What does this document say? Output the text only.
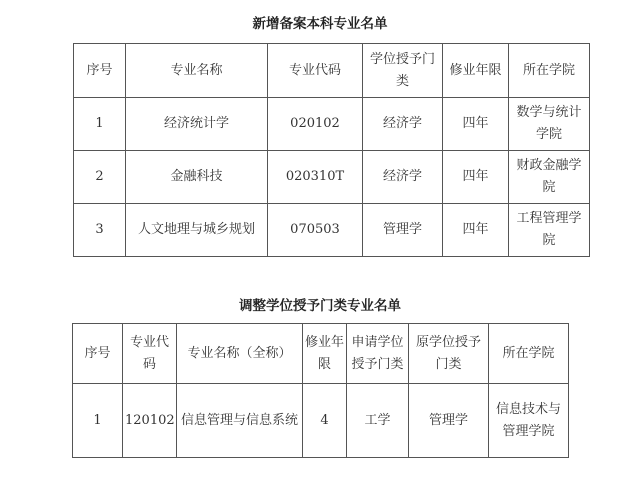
新增备案本科专业名单
序号	专业名称	专业代码	学位授予门类	修业年限	所在学院
1	经济统计学	020102	经济学	四年	数学与统计学院
2	金融科技	020310T	经济学	四年	财政金融学院
3	人文地理与城乡规划	070503	管理学	四年	工程管理学院
调整学位授予门类专业名单
序号	专业代码	专业名称（全称）	修业年限	申请学位授予门类	原学位授予门类	所在学院
1	120102	信息管理与信息系统	4	工学	管理学	信息技术与管理学院
